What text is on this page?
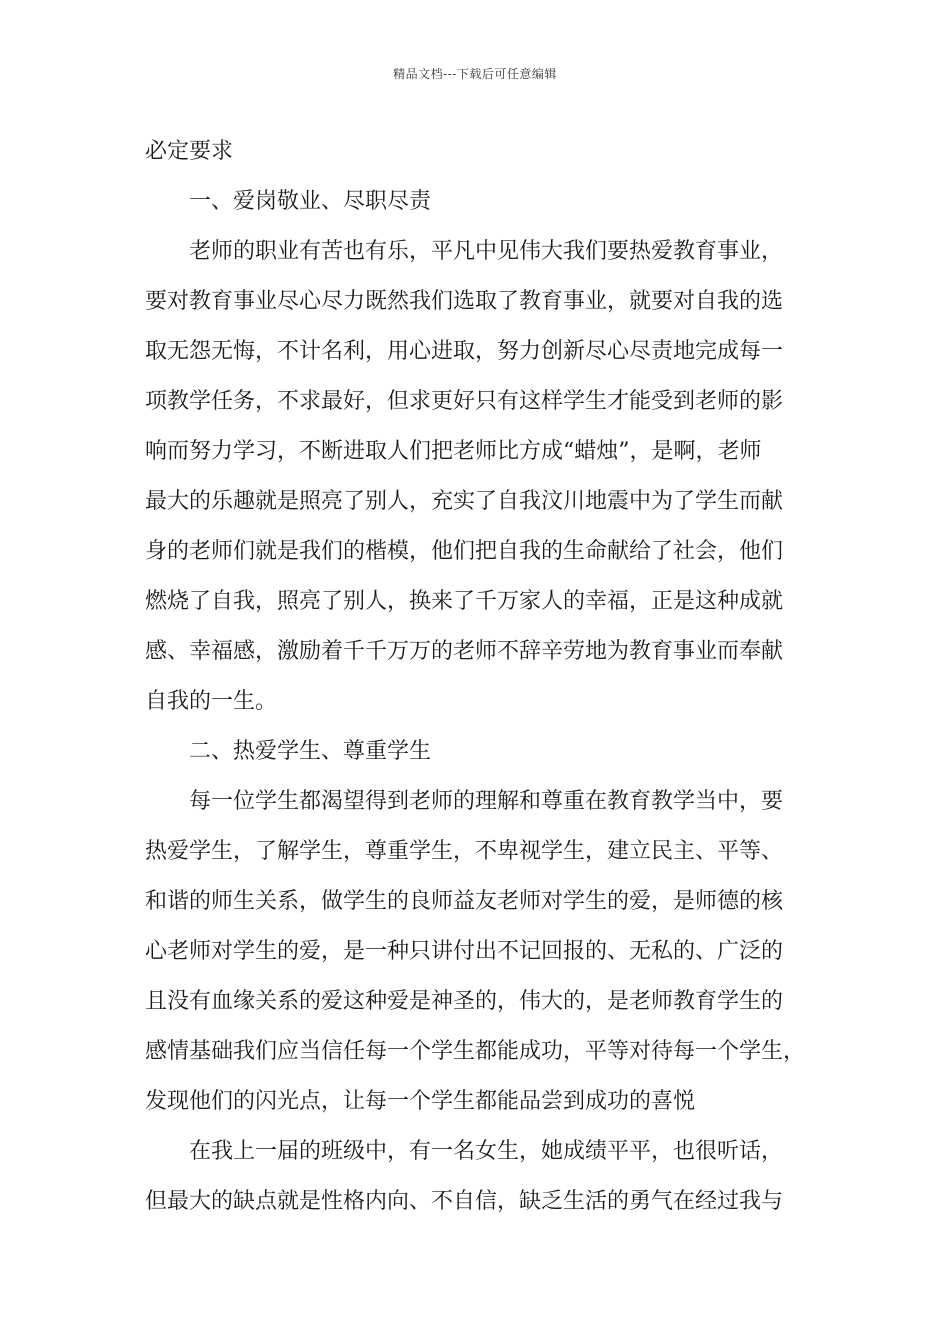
精品文档---下载后可任意编辑
必定要求
一、爱岗敬业、尽职尽责
老师的职业有苦也有乐，平凡中见伟大我们要热爱教育事业，
要对教育事业尽心尽力既然我们选取了教育事业，就要对自我的选
取无怨无悔，不计名利，用心进取，努力创新尽心尽责地完成每一
项教学任务，不求最好，但求更好只有这样学生才能受到老师的影
响而努力学习，不断进取人们把老师比方成“蜡烛”，是啊，老师
最大的乐趣就是照亮了别人，充实了自我汶川地震中为了学生而献
身的老师们就是我们的楷模，他们把自我的生命献给了社会，他们
燃烧了自我，照亮了别人，换来了千万家人的幸福，正是这种成就
感、幸福感，激励着千千万万的老师不辞辛劳地为教育事业而奉献
自我的一生。
二、热爱学生、尊重学生
每一位学生都渴望得到老师的理解和尊重在教育教学当中，要
热爱学生，了解学生，尊重学生，不卑视学生，建立民主、平等、
和谐的师生关系，做学生的良师益友老师对学生的爱，是师德的核
心老师对学生的爱，是一种只讲付出不记回报的、无私的、广泛的
且没有血缘关系的爱这种爱是神圣的，伟大的，是老师教育学生的
感情基础我们应当信任每一个学生都能成功，平等对待每一个学生，
发现他们的闪光点，让每一个学生都能品尝到成功的喜悦
在我上一届的班级中，有一名女生，她成绩平平，也很听话，
但最大的缺点就是性格内向、不自信，缺乏生活的勇气在经过我与
